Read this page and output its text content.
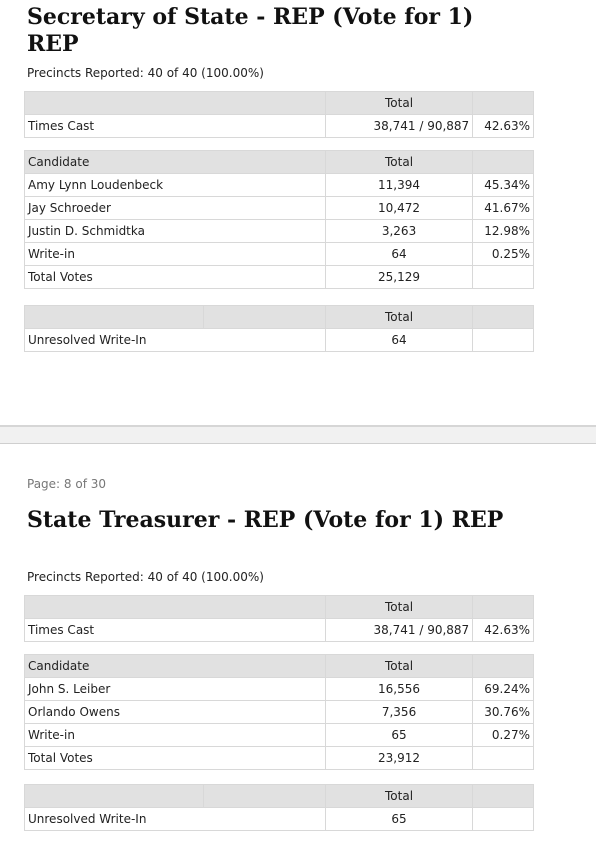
Secretary of State - REP (Vote for 1) REP
Precincts Reported: 40 of 40 (100.00%)
	Total	
Times Cast	38,741 / 90,887	42.63%
Candidate	Total	
Amy Lynn Loudenbeck	11,394	45.34%
Jay Schroeder	10,472	41.67%
Justin D. Schmidtka	3,263	12.98%
Write-in	64	0.25%
Total Votes	25,129	
		Total	
Unresolved Write-In		64	
Page: 8 of 30
State Treasurer - REP (Vote for 1) REP
Precincts Reported: 40 of 40 (100.00%)
	Total	
Times Cast	38,741 / 90,887	42.63%
Candidate	Total	
John S. Leiber	16,556	69.24%
Orlando Owens	7,356	30.76%
Write-in	65	0.27%
Total Votes	23,912	
		Total	
Unresolved Write-In		65	
